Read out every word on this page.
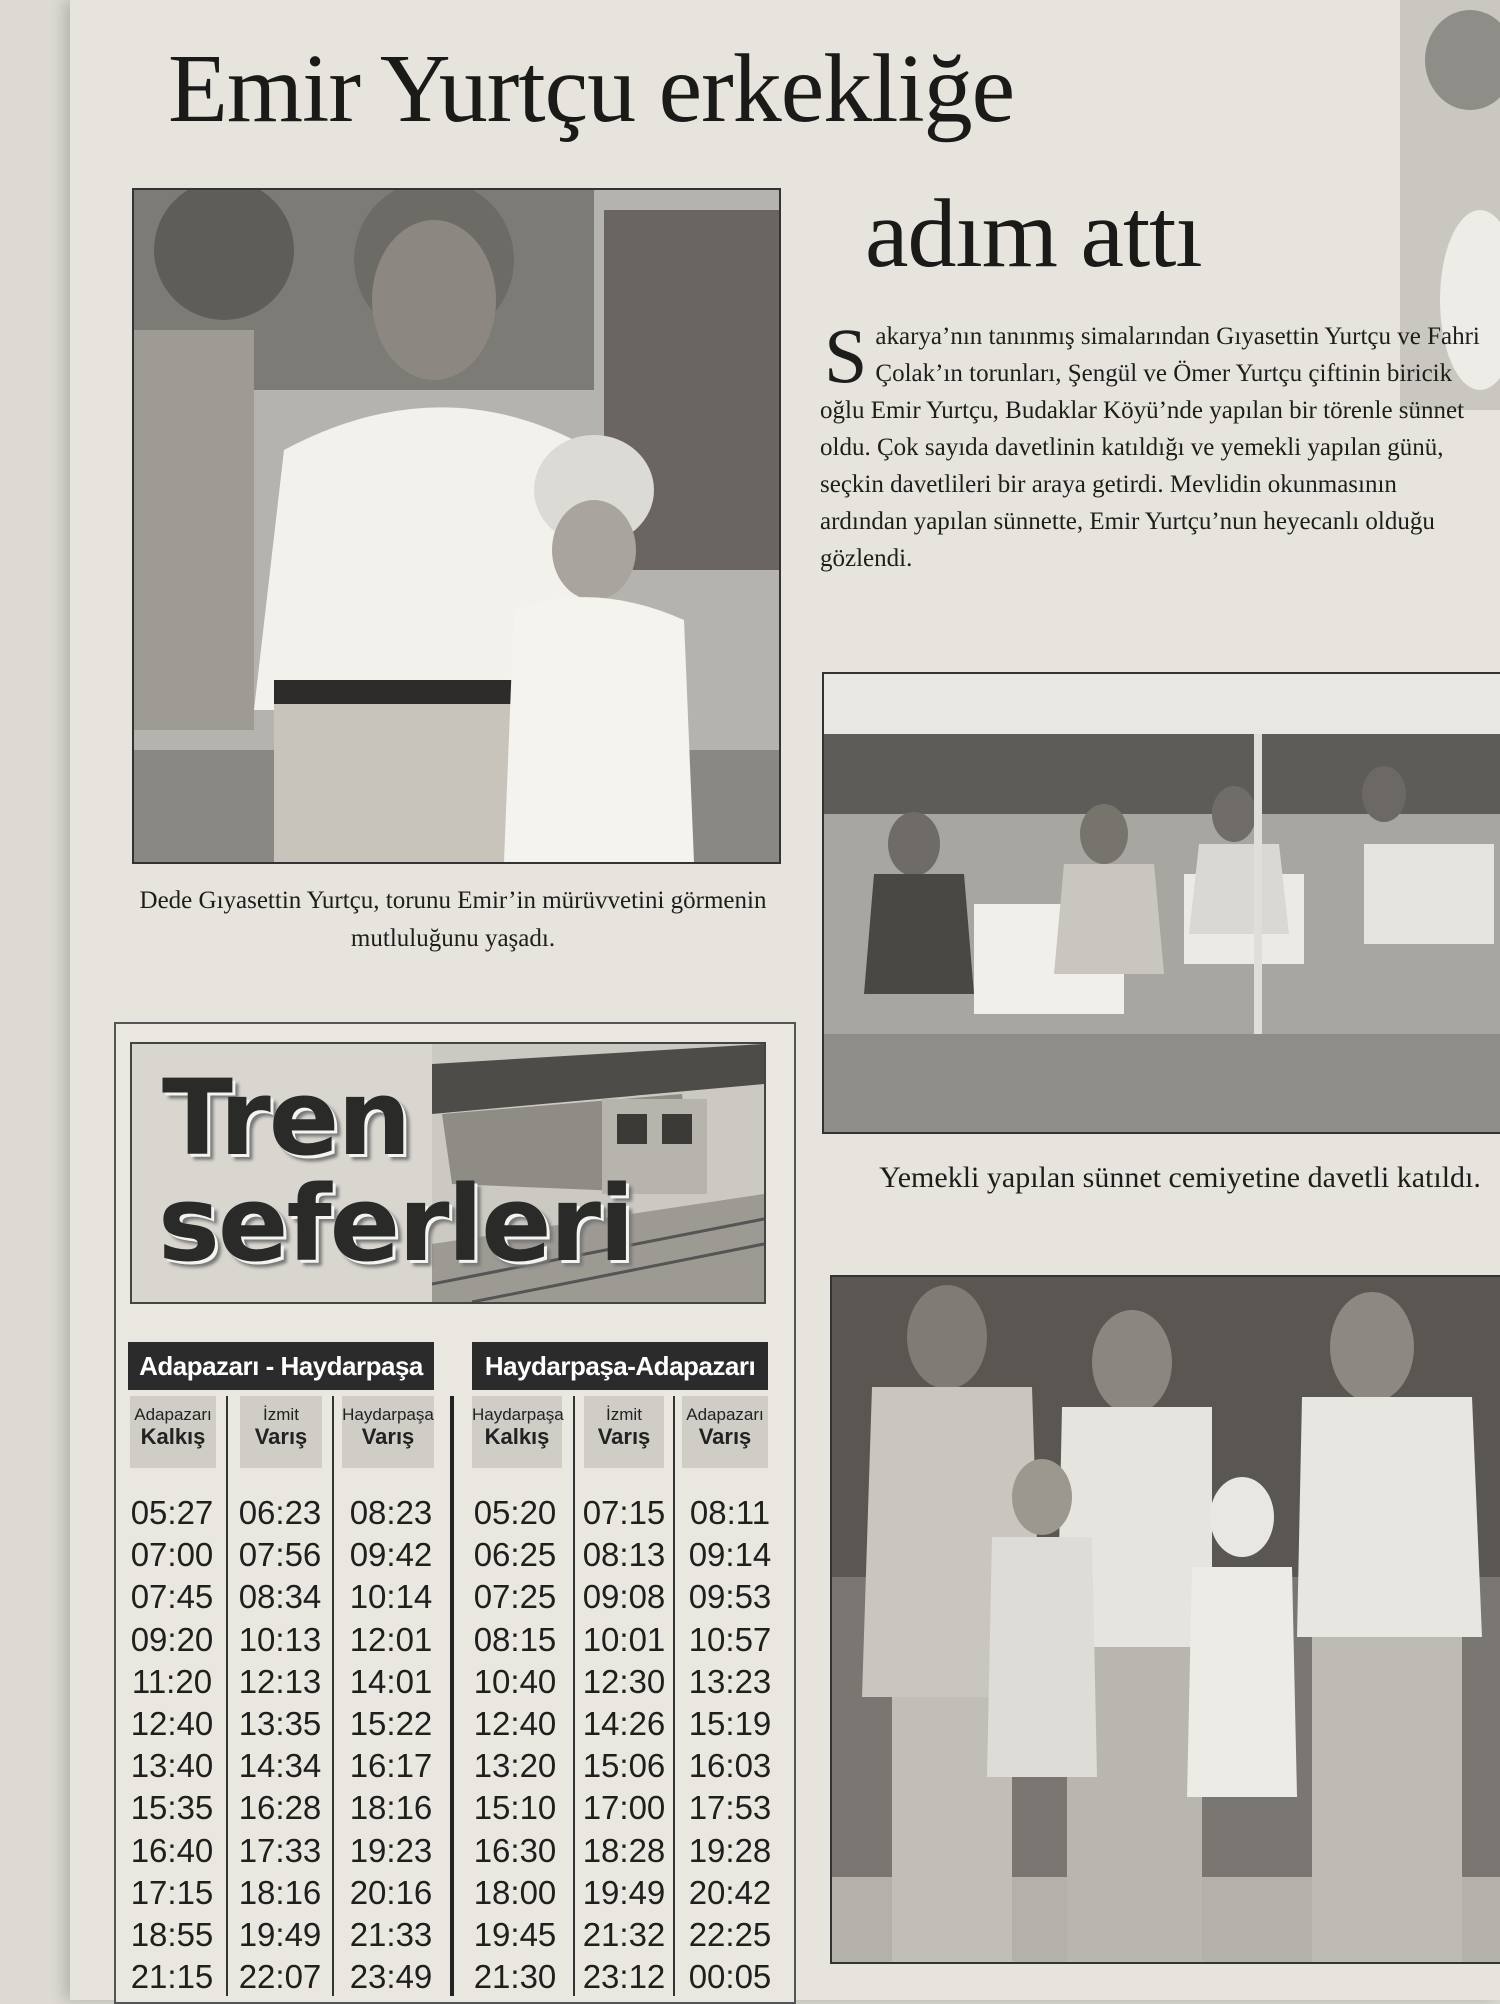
Emir Yurtçu erkekliğe
adım attı

Dede Gıyasettin Yurtçu, torunu Emir’in mürüvvetini görmenin mutluluğunu yaşadı.

Sakarya’nın tanınmış simalarından Gıyasettin Yurtçu ve Fahri Çolak’ın torunları, Şengül ve Ömer Yurtçu çiftinin biricik oğlu Emir Yurtçu, Budaklar Köyü’nde yapılan bir törenle sünnet oldu. Çok sayıda davetlinin katıldığı ve yemekli yapılan günü, seçkin davetlileri bir araya getirdi. Mevlidin okunmasının ardından yapılan sünnette, Emir Yurtçu’nun heyecanlı olduğu gözlendi.

Yemekli yapılan sünnet cemiyetine davetli katıldı.

Tren

seferleri

Adapazarı - Haydarpaşa	Haydarpaşa-Adapazarı
Adapazarı
Kalkış
İzmit
Varış
Haydarpaşa
Varış
Haydarpaşa
Kalkış
İzmit
Varış
Adapazarı
Varış
05:27
07:00
07:45
09:20
11:20
12:40
13:40
15:35
16:40
17:15
18:55
21:15
06:23
07:56
08:34
10:13
12:13
13:35
14:34
16:28
17:33
18:16
19:49
22:07
08:23
09:42
10:14
12:01
14:01
15:22
16:17
18:16
19:23
20:16
21:33
23:49
05:20
06:25
07:25
08:15
10:40
12:40
13:20
15:10
16:30
18:00
19:45
21:30
07:15
08:13
09:08
10:01
12:30
14:26
15:06
17:00
18:28
19:49
21:32
23:12
08:11
09:14
09:53
10:57
13:23
15:19
16:03
17:53
19:28
20:42
22:25
00:05
